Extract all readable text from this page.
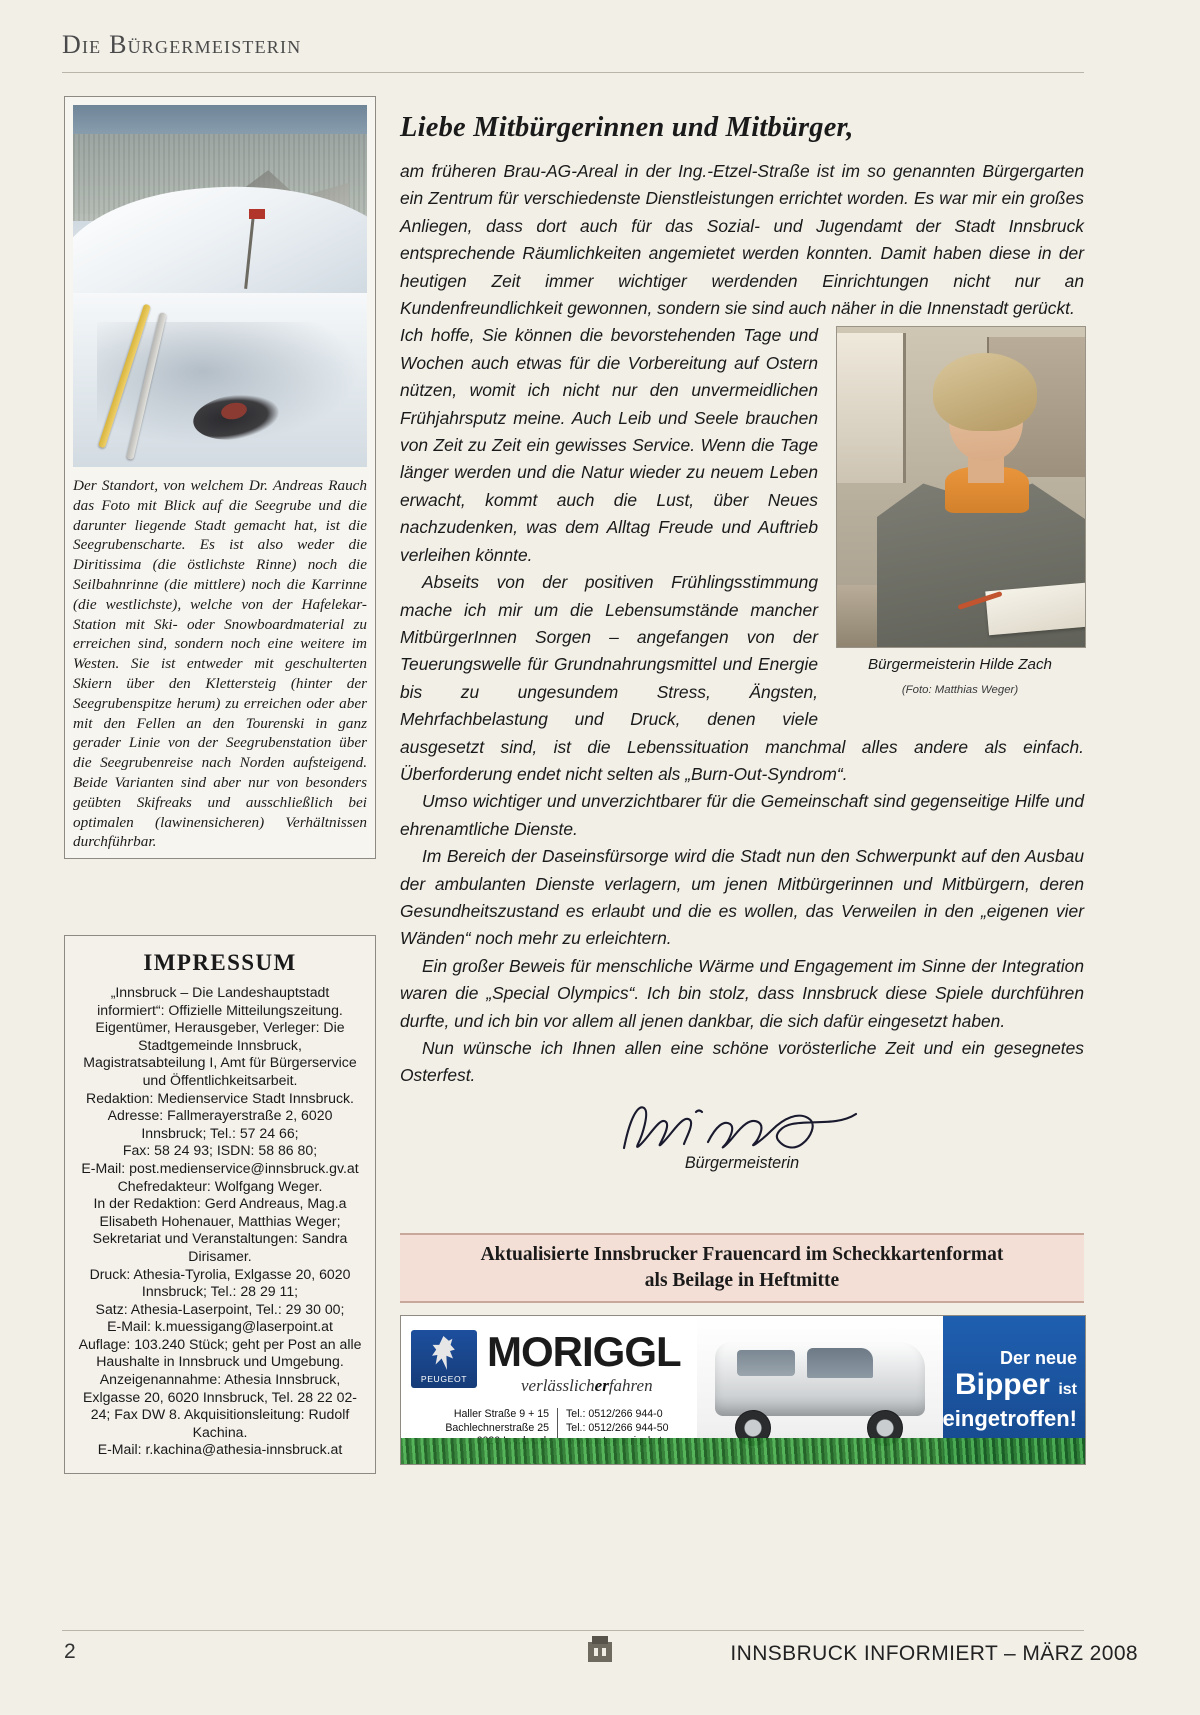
Die Bürgermeisterin
Der Standort, von welchem Dr. Andreas Rauch das Foto mit Blick auf die Seegrube und die darunter liegende Stadt gemacht hat, ist die Seegrubenscharte. Es ist also weder die Diritissima (die östlichste Rinne) noch die Seilbahnrinne (die mittlere) noch die Karrinne (die westlichste), welche von der Hafelekar-Station mit Ski- oder Snowboardmaterial zu erreichen sind, sondern noch eine weitere im Westen. Sie ist entweder mit geschulterten Skiern über den Klettersteig (hinter der Seegrubenspitze herum) zu erreichen oder aber mit den Fellen an den Tourenski in ganz gerader Linie von der Seegrubenstation über die Seegrubenreise nach Norden aufsteigend. Beide Varianten sind aber nur von besonders geübten Skifreaks und ausschließlich bei optimalen (lawinensicheren) Verhältnissen durchführbar.
IMPRESSUM

„Innsbruck – Die Landeshauptstadt informiert“: Offizielle Mitteilungszeitung.

Eigentümer, Herausgeber, Verleger: Die Stadtgemeinde Innsbruck, Magistratsabteilung I, Amt für Bürgerservice und Öffentlichkeitsarbeit.

Redaktion: Medienservice Stadt Innsbruck.

Adresse: Fallmerayerstraße 2, 6020 Innsbruck; Tel.: 57 24 66;

Fax: 58 24 93; ISDN: 58 86 80;

E-Mail: post.medienservice@innsbruck.gv.at

Chefredakteur: Wolfgang Weger.

In der Redaktion: Gerd Andreaus, Mag.a Elisabeth Hohenauer, Matthias Weger;

Sekretariat und Veranstaltungen: Sandra Dirisamer.

Druck: Athesia-Tyrolia, Exlgasse 20, 6020 Innsbruck; Tel.: 28 29 11;

Satz: Athesia-Laserpoint, Tel.: 29 30 00;

E-Mail: k.muessigang@laserpoint.at

Auflage: 103.240 Stück; geht per Post an alle Haushalte in Innsbruck und Umgebung.

Anzeigenannahme: Athesia Innsbruck, Exlgasse 20, 6020 Innsbruck, Tel. 28 22 02-24; Fax DW 8. Akquisitionsleitung: Rudolf Kachina.

E-Mail: r.kachina@athesia-innsbruck.at

Liebe Mitbürgerinnen und Mitbürger,

am früheren Brau-AG-Areal in der Ing.-Etzel-Straße ist im so genannten Bürgergarten ein Zentrum für verschiedenste Dienstleistungen errichtet worden. Es war mir ein großes Anliegen, dass dort auch für das Sozial- und Jugendamt der Stadt Innsbruck entsprechende Räumlichkeiten angemietet werden konnten. Damit haben diese in der heutigen Zeit immer wichtiger werdenden Einrichtungen nicht nur an Kundenfreundlichkeit gewonnen, sondern sie sind auch näher in die Innenstadt gerückt.

Bürgermeisterin Hilde Zach
(Foto: Matthias Weger)

Ich hoffe, Sie können die bevorstehenden Tage und Wochen auch etwas für die Vorbereitung auf Ostern nützen, womit ich nicht nur den unvermeidlichen Frühjahrsputz meine. Auch Leib und Seele brauchen von Zeit zu Zeit ein gewisses Service. Wenn die Tage länger werden und die Natur wieder zu neuem Leben erwacht, kommt auch die Lust, über Neues nachzudenken, was dem Alltag Freude und Auftrieb verleihen könnte.

Abseits von der positiven Frühlingsstimmung mache ich mir um die Lebensumstände mancher MitbürgerInnen Sorgen – angefangen von der Teuerungswelle für Grundnahrungsmittel und Energie bis zu ungesundem Stress, Ängsten, Mehrfachbelastung und Druck, denen viele ausgesetzt sind, ist die Lebenssituation manchmal alles andere als einfach. Überforderung endet nicht selten als „Burn-Out-Syndrom“.

Umso wichtiger und unverzichtbarer für die Gemeinschaft sind gegenseitige Hilfe und ehrenamtliche Dienste.

Im Bereich der Daseinsfürsorge wird die Stadt nun den Schwerpunkt auf den Ausbau der ambulanten Dienste verlagern, um jenen Mitbürgerinnen und Mitbürgern, deren Gesundheitszustand es erlaubt und die es wollen, das Verweilen in den „eigenen vier Wänden“ noch mehr zu erleichtern.

Ein großer Beweis für menschliche Wärme und Engagement im Sinne der Integration waren die „Special Olympics“. Ich bin stolz, dass Innsbruck diese Spiele durchführen durfte, und ich bin vor allem all jenen dankbar, die sich dafür eingesetzt haben.

Nun wünsche ich Ihnen allen eine schöne vorösterliche Zeit und ein gesegnetes Osterfest.

Bürgermeisterin
Aktualisierte Innsbrucker Frauencard im Scheckkartenformat
als Beilage in Heftmitte
PEUGEOT
MORIGGL
verlässlicherfahren
Haller Straße 9 + 15
Bachlechnerstraße 25
Tel.: 0512/266 944-0
Tel.: 0512/266 944-50
Der neue
Bipper ist
eingetroffen!
2	INNSBRUCK INFORMIERT – MÄRZ 2008
